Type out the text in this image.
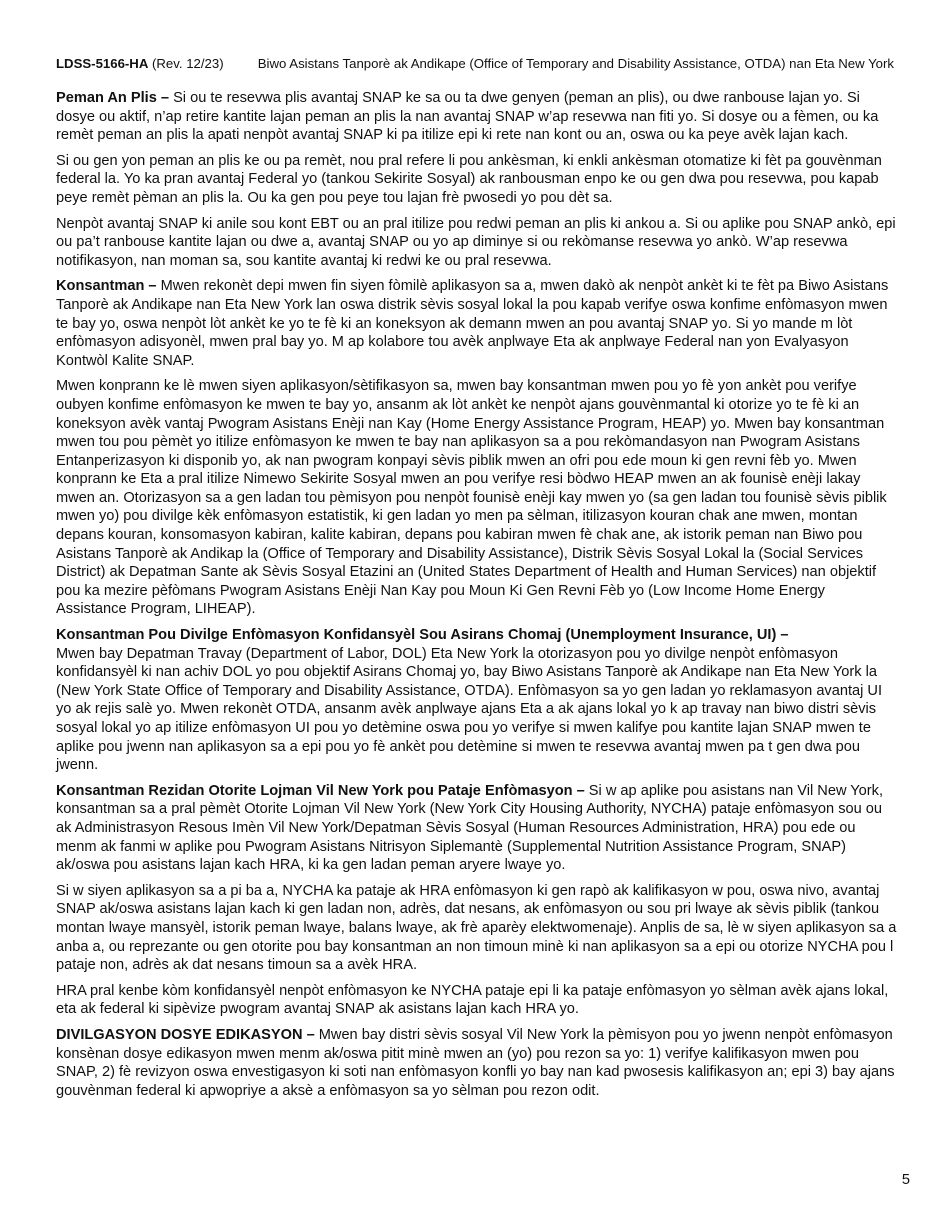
LDSS-5166-HA (Rev. 12/23)	Biwo Asistans Tanporè ak Andikape (Office of Temporary and Disability Assistance, OTDA) nan Eta New York

Peman An Plis – Si ou te resevwa plis avantaj SNAP ke sa ou ta dwe genyen (peman an plis), ou dwe ranbouse lajan yo. Si dosye ou aktif, n’ap retire kantite lajan peman an plis la nan avantaj SNAP w’ap resevwa nan fiti yo. Si dosye ou a fèmen, ou ka remèt peman an plis la apati nenpòt avantaj SNAP ki pa itilize epi ki rete nan kont ou an, oswa ou ka peye avèk lajan kach.

Si ou gen yon peman an plis ke ou pa remèt, nou pral refere li pou ankèsman, ki enkli ankèsman otomatize ki fèt pa gouvènman federal la. Yo ka pran avantaj Federal yo (tankou Sekirite Sosyal) ak ranbousman enpo ke ou gen dwa pou resevwa, pou kapab peye remèt pèman an plis la. Ou ka gen pou peye tou lajan frè pwosedi yo pou dèt sa.

Nenpòt avantaj SNAP ki anile sou kont EBT ou an pral itilize pou redwi peman an plis ki ankou a. Si ou aplike pou SNAP ankò, epi ou pa’t ranbouse kantite lajan ou dwe a, avantaj SNAP ou yo ap diminye si ou rekòmanse resevwa yo ankò. W’ap resevwa notifikasyon, nan moman sa, sou kantite avantaj ki redwi ke ou pral resevwa.

Konsantman – Mwen rekonèt depi mwen fin siyen fòmilè aplikasyon sa a, mwen dakò ak nenpòt ankèt ki te fèt pa Biwo Asistans Tanporè ak Andikape nan Eta New York lan oswa distrik sèvis sosyal lokal la pou kapab verifye oswa konfime enfòmasyon mwen te bay yo, oswa nenpòt lòt ankèt ke yo te fè ki an koneksyon ak demann mwen an pou avantaj SNAP yo. Si yo mande m lòt enfòmasyon adisyonèl, mwen pral bay yo. M ap kolabore tou avèk anplwaye Eta ak anplwaye Federal nan yon Evalyasyon Kontwòl Kalite SNAP.

Mwen konprann ke lè mwen siyen aplikasyon/sètifikasyon sa, mwen bay konsantman mwen pou yo fè yon ankèt pou verifye oubyen konfime enfòmasyon ke mwen te bay yo, ansanm ak lòt ankèt ke nenpòt ajans gouvènmantal ki otorize yo te fè ki an koneksyon avèk vantaj Pwogram Asistans Enèji nan Kay (Home Energy Assistance Program, HEAP) yo. Mwen bay konsantman mwen tou pou pèmèt yo itilize enfòmasyon ke mwen te bay nan aplikasyon sa a pou rekòmandasyon nan Pwogram Asistans Entanperizasyon ki disponib yo, ak nan pwogram konpayi sèvis piblik mwen an ofri pou ede moun ki gen revni fèb yo. Mwen konprann ke Eta a pral itilize Nimewo Sekirite Sosyal mwen an pou verifye resi bòdwo HEAP mwen an ak founisè enèji lakay mwen an. Otorizasyon sa a gen ladan tou pèmisyon pou nenpòt founisè enèji kay mwen yo (sa gen ladan tou founisè sèvis piblik mwen yo) pou divilge kèk enfòmasyon estatistik, ki gen ladan yo men pa sèlman, itilizasyon kouran chak ane mwen, montan depans kouran, konsomasyon kabiran, kalite kabiran, depans pou kabiran mwen fè chak ane, ak istorik peman nan Biwo pou Asistans Tanporè ak Andikap la (Office of Temporary and Disability Assistance), Distrik Sèvis Sosyal Lokal la (Social Services District) ak Depatman Sante ak Sèvis Sosyal Etazini an (United States Department of Health and Human Services) nan objektif pou ka mezire pèfòmans Pwogram Asistans Enèji Nan Kay pou Moun Ki Gen Revni Fèb yo (Low Income Home Energy Assistance Program, LIHEAP).

Konsantman Pou Divilge Enfòmasyon Konfidansyèl Sou Asirans Chomaj (Unemployment Insurance, UI) –
Mwen bay Depatman Travay (Department of Labor, DOL) Eta New York la otorizasyon pou yo divilge nenpòt enfòmasyon konfidansyèl ki nan achiv DOL yo pou objektif Asirans Chomaj yo, bay Biwo Asistans Tanporè ak Andikape nan Eta New York la (New York State Office of Temporary and Disability Assistance, OTDA). Enfòmasyon sa yo gen ladan yo reklamasyon avantaj UI yo ak rejis salè yo. Mwen rekonèt OTDA, ansanm avèk anplwaye ajans Eta a ak ajans lokal yo k ap travay nan biwo distri sèvis sosyal lokal yo ap itilize enfòmasyon UI pou yo detèmine oswa pou yo verifye si mwen kalifye pou kantite lajan SNAP mwen te aplike pou jwenn nan aplikasyon sa a epi pou yo fè ankèt pou detèmine si mwen te resevwa avantaj mwen pa t gen dwa pou jwenn.

Konsantman Rezidan Otorite Lojman Vil New York pou Pataje Enfòmasyon – Si w ap aplike pou asistans nan Vil New York, konsantman sa a pral pèmèt Otorite Lojman Vil New York (New York City Housing Authority, NYCHA) pataje enfòmasyon sou ou ak Administrasyon Resous Imèn Vil New York/Depatman Sèvis Sosyal (Human Resources Administration, HRA) pou ede ou menm ak fanmi w aplike pou Pwogram Asistans Nitrisyon Siplemantè (Supplemental Nutrition Assistance Program, SNAP) ak/oswa pou asistans lajan kach HRA, ki ka gen ladan peman aryere lwaye yo.

Si w siyen aplikasyon sa a pi ba a, NYCHA ka pataje ak HRA enfòmasyon ki gen rapò ak kalifikasyon w pou, oswa nivo, avantaj SNAP ak/oswa asistans lajan kach ki gen ladan non, adrès, dat nesans, ak enfòmasyon ou sou pri lwaye ak sèvis piblik (tankou montan lwaye mansyèl, istorik peman lwaye, balans lwaye, ak frè aparèy elektwomenaje). Anplis de sa, lè w siyen aplikasyon sa a anba a, ou reprezante ou gen otorite pou bay konsantman an non timoun minè ki nan aplikasyon sa a epi ou otorize NYCHA pou l pataje non, adrès ak dat nesans timoun sa a avèk HRA.

HRA pral kenbe kòm konfidansyèl nenpòt enfòmasyon ke NYCHA pataje epi li ka pataje enfòmasyon yo sèlman avèk ajans lokal, eta ak federal ki sipèvize pwogram avantaj SNAP ak asistans lajan kach HRA yo.

DIVILGASYON DOSYE EDIKASYON – Mwen bay distri sèvis sosyal Vil New York la pèmisyon pou yo jwenn nenpòt enfòmasyon konsènan dosye edikasyon mwen menm ak/oswa pitit minè mwen an (yo) pou rezon sa yo: 1) verifye kalifikasyon mwen pou SNAP, 2) fè revizyon oswa envestigasyon ki soti nan enfòmasyon konfli yo bay nan kad pwosesis kalifikasyon an; epi 3) bay ajans gouvènman federal ki apwopriye a aksè a enfòmasyon sa yo sèlman pou rezon odit.

5
